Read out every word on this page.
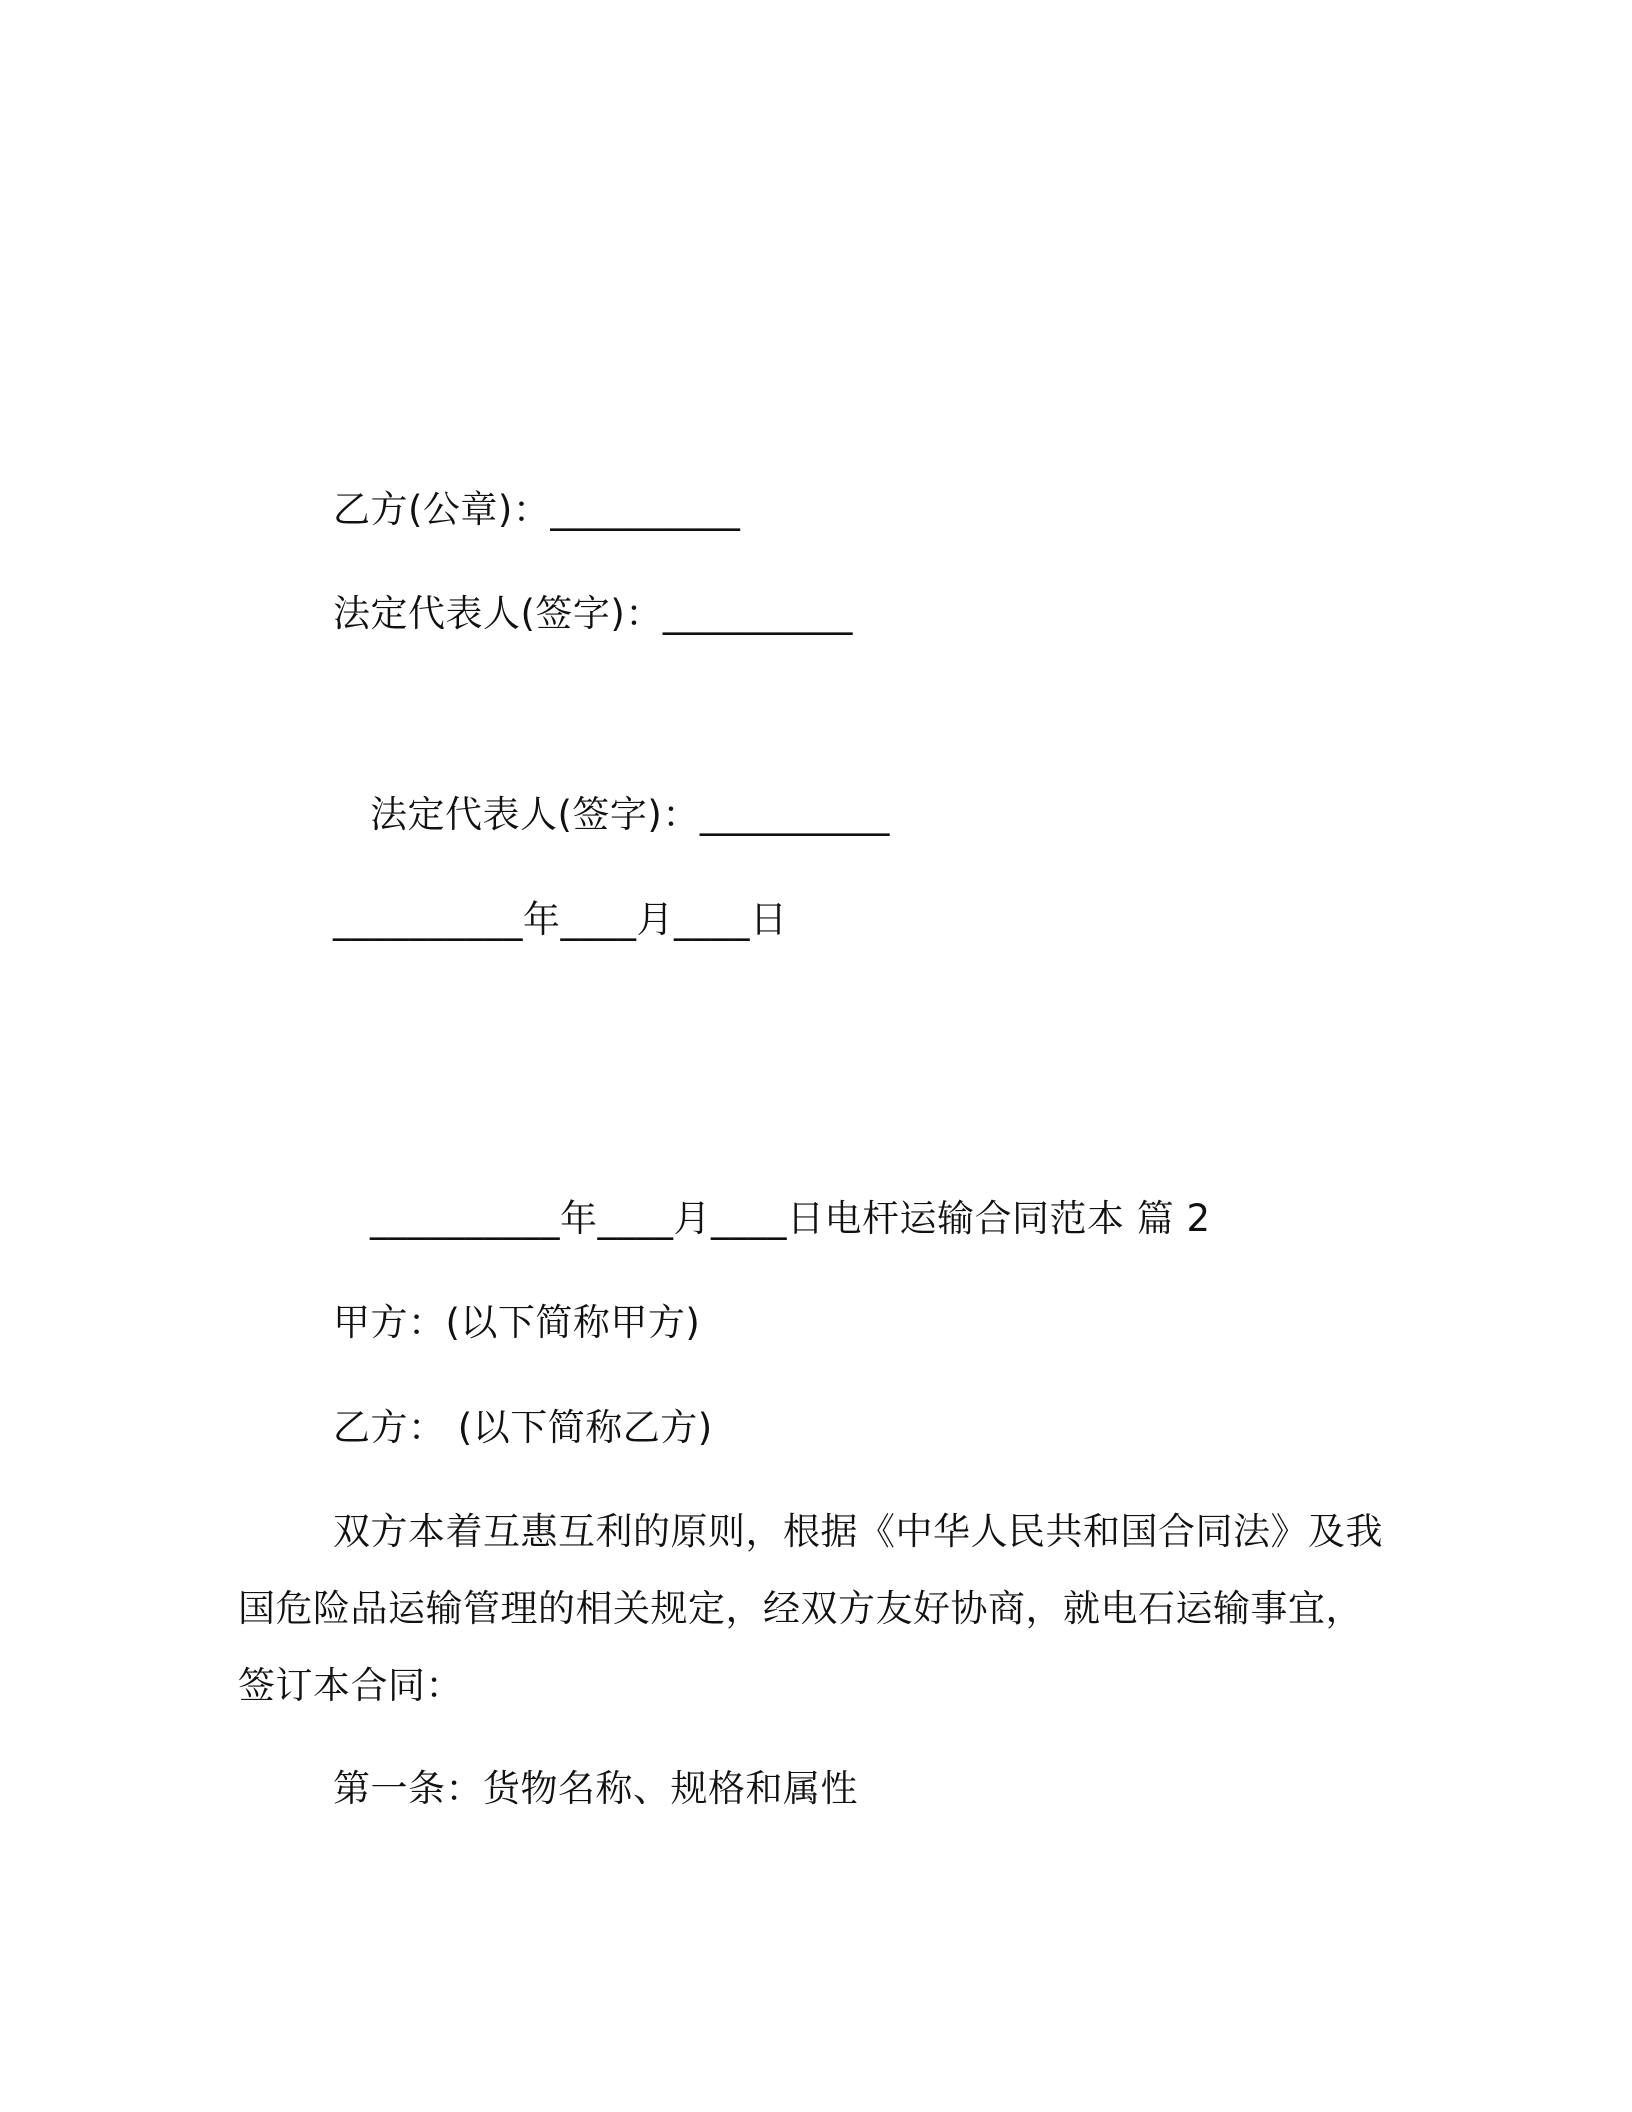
乙方(公章)：__________
法定代表人(签字)：__________
法定代表人(签字)：__________
__________年____月____日
__________年____月____日电杆运输合同范本 篇 2
甲方：(以下简称甲方)
乙方： (以下简称乙方)
双方本着互惠互利的原则，根据《中华人民共和国合同法》及我
国危险品运输管理的相关规定，经双方友好协商，就电石运输事宜，
签订本合同：
第一条：货物名称、规格和属性
